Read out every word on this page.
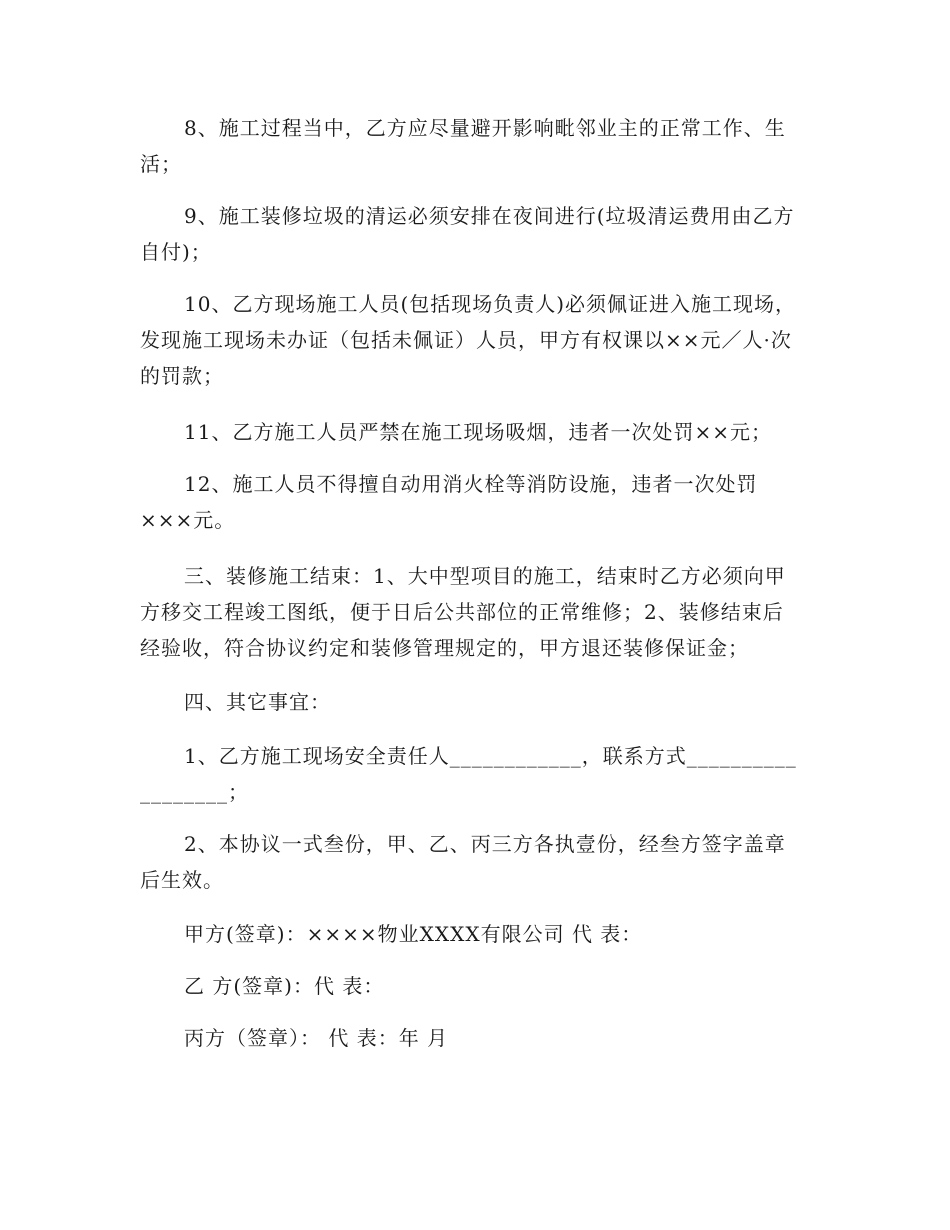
8、施工过程当中，乙方应尽量避开影响毗邻业主的正常工作、生活；

9、施工装修垃圾的清运必须安排在夜间进行(垃圾清运费用由乙方自付)；

10、乙方现场施工人员(包括现场负责人)必须佩证进入施工现场，发现施工现场未办证（包括未佩证）人员，甲方有权课以××元／人·次的罚款；

11、乙方施工人员严禁在施工现场吸烟，违者一次处罚××元；

12、施工人员不得擅自动用消火栓等消防设施，违者一次处罚×××元。

三、装修施工结束：1、大中型项目的施工，结束时乙方必须向甲方移交工程竣工图纸，便于日后公共部位的正常维修；2、装修结束后经验收，符合协议约定和装修管理规定的，甲方退还装修保证金；

四、其它事宜：

1、乙方施工现场安全责任人____________，联系方式__________ ________；

2、本协议一式叁份，甲、乙、丙三方各执壹份，经叁方签字盖章后生效。

甲方(签章)：××××物业XXXX有限公司 代 表：

乙 方(签章)：代 表：

丙方（签章）： 代 表：年 月
